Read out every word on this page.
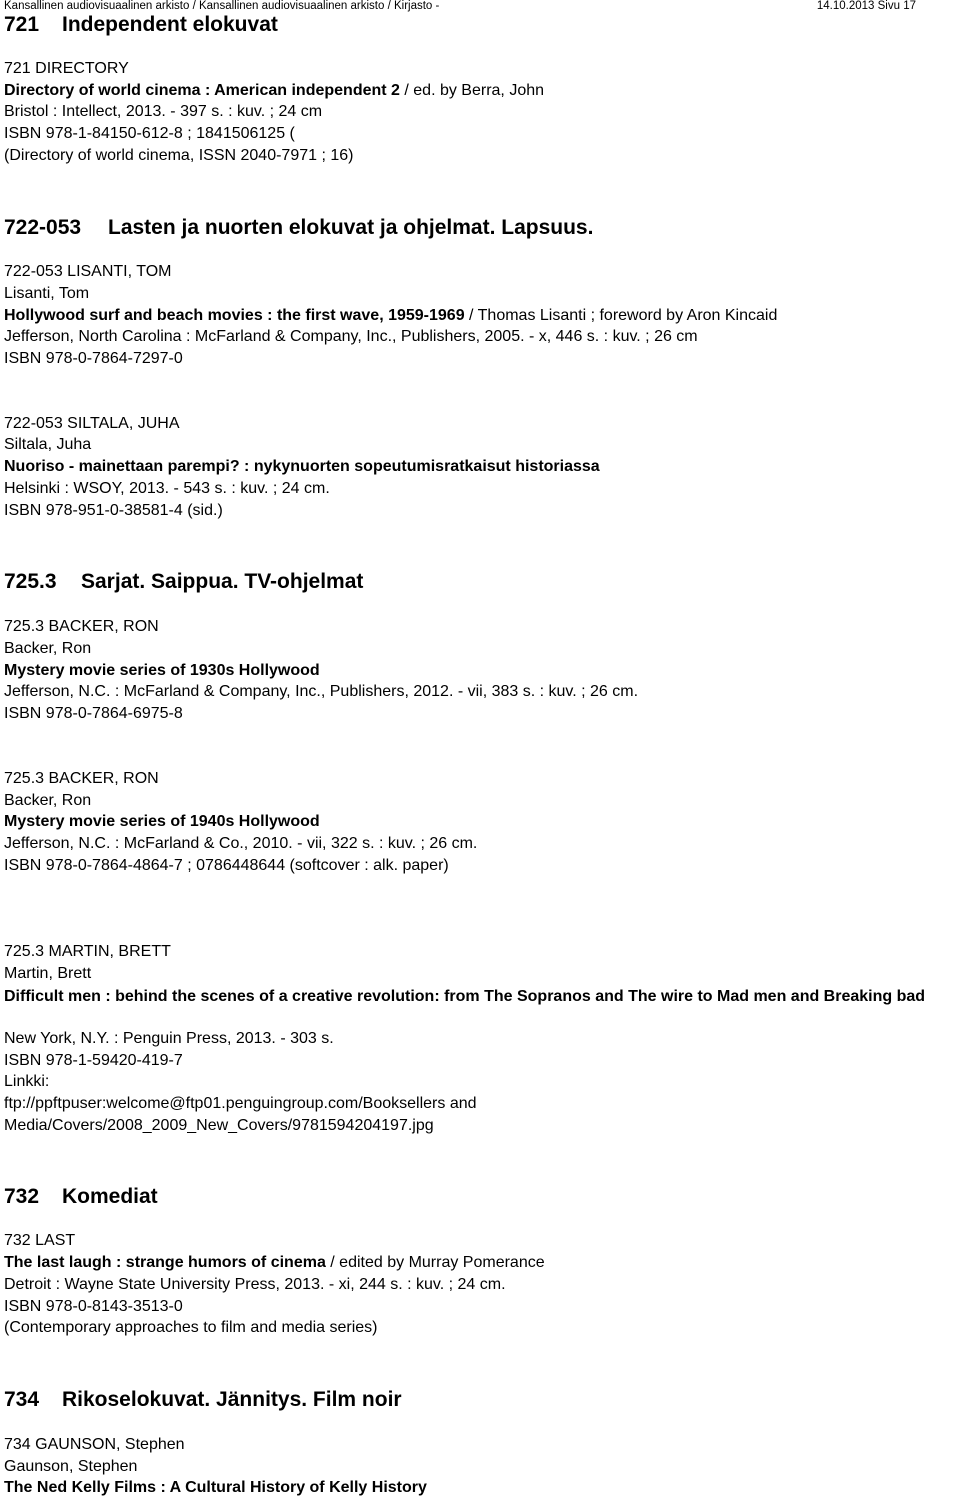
Kansallinen audiovisuaalinen arkisto / Kansallinen audiovisuaalinen arkisto / Kirjasto -	14.10.2013 Sivu 17
721 Independent elokuvat
721 DIRECTORY
Directory of world cinema : American independent 2 / ed. by Berra, John
Bristol : Intellect, 2013. - 397 s. : kuv. ; 24 cm
ISBN 978-1-84150-612-8 ; 1841506125 (
(Directory of world cinema, ISSN 2040-7971 ; 16)
722-053 Lasten ja nuorten elokuvat ja ohjelmat. Lapsuus.
722-053 LISANTI, TOM
Lisanti, Tom
Hollywood surf and beach movies : the first wave, 1959-1969 / Thomas Lisanti ; foreword by Aron Kincaid
Jefferson, North Carolina : McFarland & Company, Inc., Publishers, 2005. - x, 446 s. : kuv. ; 26 cm
ISBN 978-0-7864-7297-0
722-053 SILTALA, JUHA
Siltala, Juha
Nuoriso - mainettaan parempi? : nykynuorten sopeutumisratkaisut historiassa
Helsinki : WSOY, 2013. - 543 s. : kuv. ; 24 cm.
ISBN 978-951-0-38581-4 (sid.)
725.3 Sarjat. Saippua. TV-ohjelmat
725.3 BACKER, RON
Backer, Ron
Mystery movie series of 1930s Hollywood
Jefferson, N.C. : McFarland & Company, Inc., Publishers, 2012. - vii, 383 s. : kuv. ; 26 cm.
ISBN 978-0-7864-6975-8
725.3 BACKER, RON
Backer, Ron
Mystery movie series of 1940s Hollywood
Jefferson, N.C. : McFarland & Co., 2010. - vii, 322 s. : kuv. ; 26 cm.
ISBN 978-0-7864-4864-7 ; 0786448644 (softcover : alk. paper)
725.3 MARTIN, BRETT
Martin, Brett
Difficult men : behind the scenes of a creative revolution: from The Sopranos and The wire to Mad men and Breaking bad
New York, N.Y. : Penguin Press, 2013. - 303 s.
ISBN 978-1-59420-419-7
Linkki:
ftp://ppftpuser:welcome@ftp01.penguingroup.com/Booksellers and
Media/Covers/2008_2009_New_Covers/9781594204197.jpg
732 Komediat
732 LAST
The last laugh : strange humors of cinema / edited by Murray Pomerance
Detroit : Wayne State University Press, 2013. - xi, 244 s. : kuv. ; 24 cm.
ISBN 978-0-8143-3513-0
(Contemporary approaches to film and media series)
734 Rikoselokuvat. Jännitys. Film noir
734 GAUNSON, Stephen
Gaunson, Stephen
The Ned Kelly Films : A Cultural History of Kelly History
